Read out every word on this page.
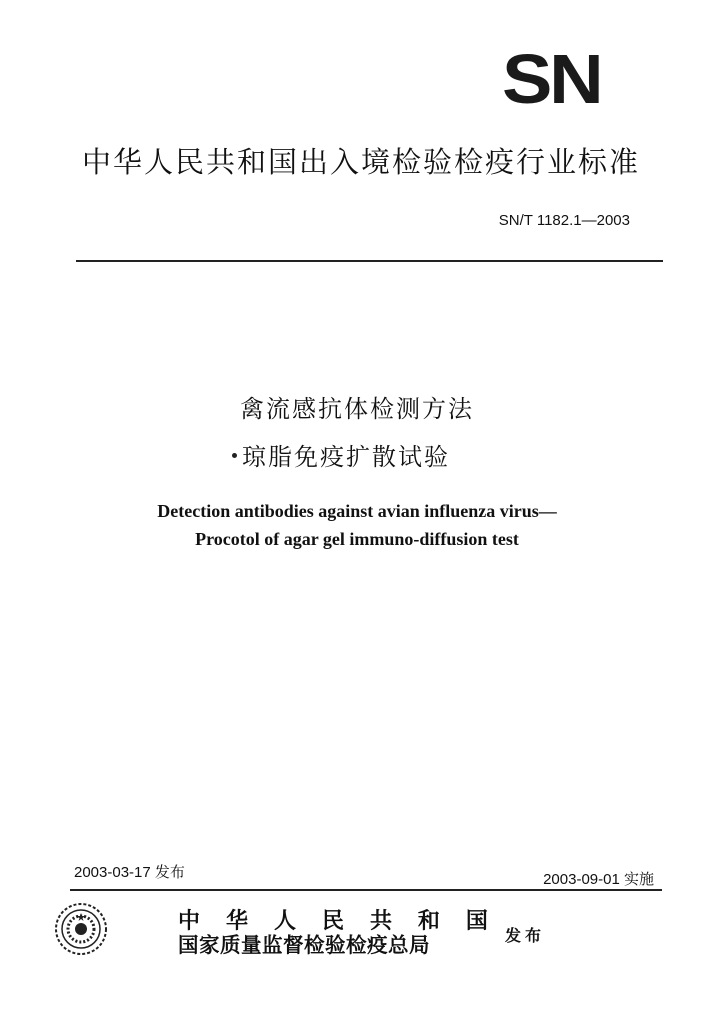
SN
中华人民共和国出入境检验检疫行业标准
SN/T 1182.1—2003
禽流感抗体检测方法
琼脂免疫扩散试验
Detection antibodies against avian influenza virus—
Procotol of agar gel immuno-diffusion test
2003-03-17 发布	2003-09-01 实施
中 华 人 民 共 和 国
国家质量监督检验检疫总局	发布
